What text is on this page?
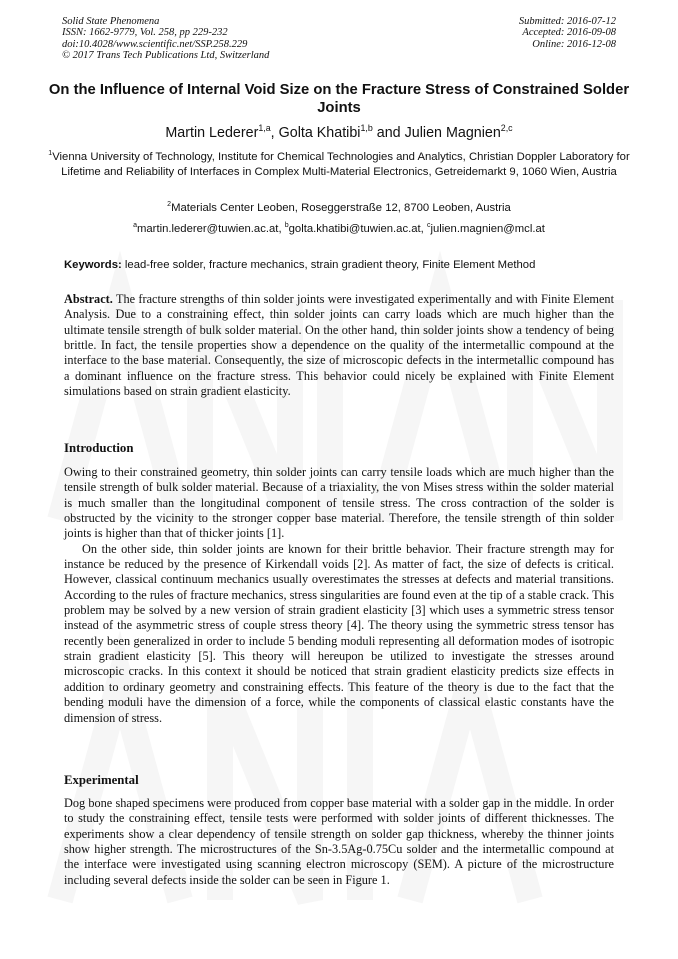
Solid State Phenomena
ISSN: 1662-9779, Vol. 258, pp 229-232
doi:10.4028/www.scientific.net/SSP.258.229
© 2017 Trans Tech Publications Ltd, Switzerland
Submitted: 2016-07-12
Accepted: 2016-09-08
Online: 2016-12-08
On the Influence of Internal Void Size on the Fracture Stress of Constrained Solder Joints
Martin Lederer$^{1,a}$, Golta Khatibi$^{1,b}$ and Julien Magnien$^{2,c}$
$^1$Vienna University of Technology, Institute for Chemical Technologies and Analytics, Christian Doppler Laboratory for Lifetime and Reliability of Interfaces in Complex Multi-Material Electronics, Getreidemarkt 9, 1060 Wien, Austria
$^2$Materials Center Leoben, Roseggerstraße 12, 8700 Leoben, Austria
$^a$martin.lederer@tuwien.ac.at, $^b$golta.khatibi@tuwien.ac.at, $^c$julien.magnien@mcl.at
Keywords: lead-free solder, fracture mechanics, strain gradient theory, Finite Element Method

Abstract. The fracture strengths of thin solder joints were investigated experimentally and with Finite Element Analysis. Due to a constraining effect, thin solder joints can carry loads which are much higher than the ultimate tensile strength of bulk solder material. On the other hand, thin solder joints show a tendency of being brittle. In fact, the tensile properties show a dependence on the quality of the intermetallic compound at the interface to the base material. Consequently, the size of microscopic defects in the intermetallic compound has a dominant influence on the fracture stress. This behavior could nicely be explained with Finite Element simulations based on strain gradient elasticity.

Introduction

Owing to their constrained geometry, thin solder joints can carry tensile loads which are much higher than the tensile strength of bulk solder material. Because of a triaxiality, the von Mises stress within the solder material is much smaller than the longitudinal component of tensile stress. The cross contraction of the solder is obstructed by the vicinity to the stronger copper base material. Therefore, the tensile strength of thin solder joints is higher than that of thicker joints [1].

On the other side, thin solder joints are known for their brittle behavior. Their fracture strength may for instance be reduced by the presence of Kirkendall voids [2]. As matter of fact, the size of defects is critical. However, classical continuum mechanics usually overestimates the stresses at defects and material transitions. According to the rules of fracture mechanics, stress singularities are found even at the tip of a stable crack. This problem may be solved by a new version of strain gradient elasticity [3] which uses a symmetric stress tensor instead of the asymmetric stress of couple stress theory [4]. The theory using the symmetric stress tensor has recently been generalized in order to include 5 bending moduli representing all deformation modes of isotropic strain gradient elasticity [5]. This theory will hereupon be utilized to investigate the stresses around microscopic cracks. In this context it should be noticed that strain gradient elasticity predicts size effects in addition to ordinary geometry and constraining effects. This feature of the theory is due to the fact that the bending moduli have the dimension of a force, while the components of classical elastic constants have the dimension of stress.

Experimental

Dog bone shaped specimens were produced from copper base material with a solder gap in the middle. In order to study the constraining effect, tensile tests were performed with solder joints of different thicknesses. The experiments show a clear dependency of tensile strength on solder gap thickness, whereby the thinner joints show higher strength. The microstructures of the Sn-3.5Ag-0.75Cu solder and the intermetallic compound at the interface were investigated using scanning electron microscopy (SEM). A picture of the microstructure including several defects inside the solder can be seen in Figure 1.
